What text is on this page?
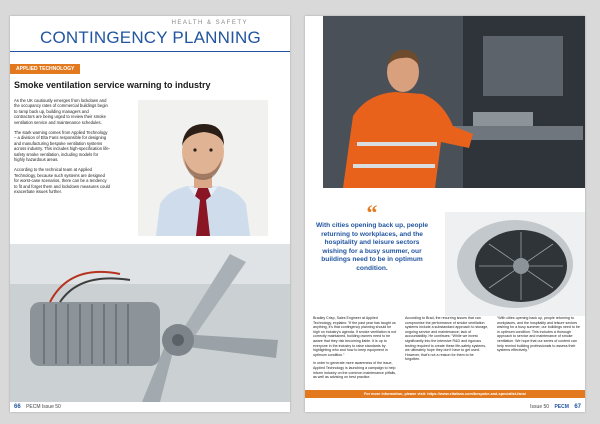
HEALTH & SAFETY
CONTINGENCY PLANNING
APPLIED TECHNOLOGY
Smoke ventilation service warning to industry

As the UK cautiously emerges from lockdown and the occupancy rates of commercial buildings begin to ramp back up, building managers and contractors are being urged to review their smoke ventilation service and maintenance schedules.

The stark warning comes from Applied Technology – a division of Elta Fans responsible for designing and manufacturing bespoke ventilation systems across industry. This includes high-specification life-safety smoke ventilation, including models for highly hazardous areas.

According to the technical team at Applied Technology, because such systems are designed for worst-case scenarios, there can be a tendency to fit and forget them and lockdown measures could exacerbate issues further.

66 PECM Issue 50
“
With cities opening back up, people returning to workplaces, and the hospitality and leisure sectors wishing for a busy summer, our buildings need to be in optimum condition.

Bradley Crisp, Sales Engineer at Applied Technology, explains: “If the past year has taught us anything, it’s that contingency planning should be high on industry’s agenda. If smoke ventilation is not correctly maintained, building owners need to be aware that they risk becoming liable. It is up to everyone in the industry to raise standards by highlighting who and how to keep equipment in optimum condition.”

In order to generate more awareness of the issue, Applied Technology is launching a campaign to help inform industry on the common maintenance pitfalls, as well as advising on best practice.

According to Brad, the recurring issues that can compromise the performance of smoke ventilation systems include a substandard approach to storage, ongoing service and maintenance; lack of accountability. He continues: “While we invest significantly into the intensive R&D and rigorous testing required to create these life-safety systems, we ultimately hope they don’t have to get used. However, that’s not a reason for them to be forgotten.

“With cities opening back up, people returning to workplaces, and the hospitality and leisure sectors wishing for a busy summer, our buildings need to be in optimum condition. This includes a thorough approach to service and maintenance of smoke ventilation. We hope that our series of content can help remind building professionals to assess their systems effectively.”

For more information, please visit: https://www.eltafans.com/bespoke-and-specialist-fans/
Issue 50 PECM 67
